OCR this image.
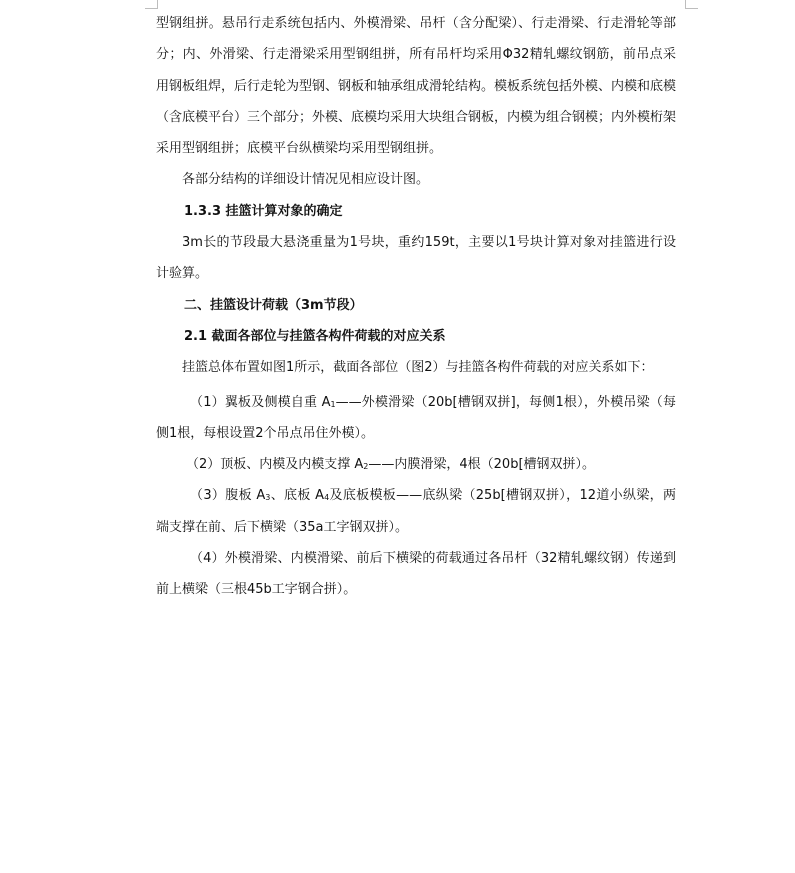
型钢组拼。悬吊行走系统包括内、外模滑梁、吊杆（含分配梁）、行走滑梁、行走滑轮等部分；内、外滑梁、行走滑梁采用型钢组拼，所有吊杆均采用Φ32精轧螺纹钢筋，前吊点采用钢板组焊，后行走轮为型钢、钢板和轴承组成滑轮结构。模板系统包括外模、内模和底模（含底模平台）三个部分；外模、底模均采用大块组合钢板，内模为组合钢模；内外模桁架采用型钢组拼；底模平台纵横梁均采用型钢组拼。

各部分结构的详细设计情况见相应设计图。

1.3.3 挂篮计算对象的确定

3m长的节段最大悬浇重量为1号块，重约159t，主要以1号块计算对象对挂篮进行设计验算。

二、挂篮设计荷载（3m节段）

2.1 截面各部位与挂篮各构件荷载的对应关系

挂篮总体布置如图1所示，截面各部位（图2）与挂篮各构件荷载的对应关系如下：

（1）翼板及侧模自重 $A_1——$外模滑梁（20b[槽钢双拼]，每侧1根），外模吊梁（每侧1根，每根设置2个吊点吊住外模）。

（2）顶板、内模及内模支撑 $A_2——$内膜滑梁，4根（20b[槽钢双拼）。

（3）腹板 $A_3$、底板 $A_4$及底板模板——底纵梁（25b[槽钢双拼），12道小纵梁，两端支撑在前、后下横梁（35a工字钢双拼）。

（4）外模滑梁、内模滑梁、前后下横梁的荷载通过各吊杆（32精轧螺纹钢）传递到前上横梁（三根45b工字钢合拼）。
